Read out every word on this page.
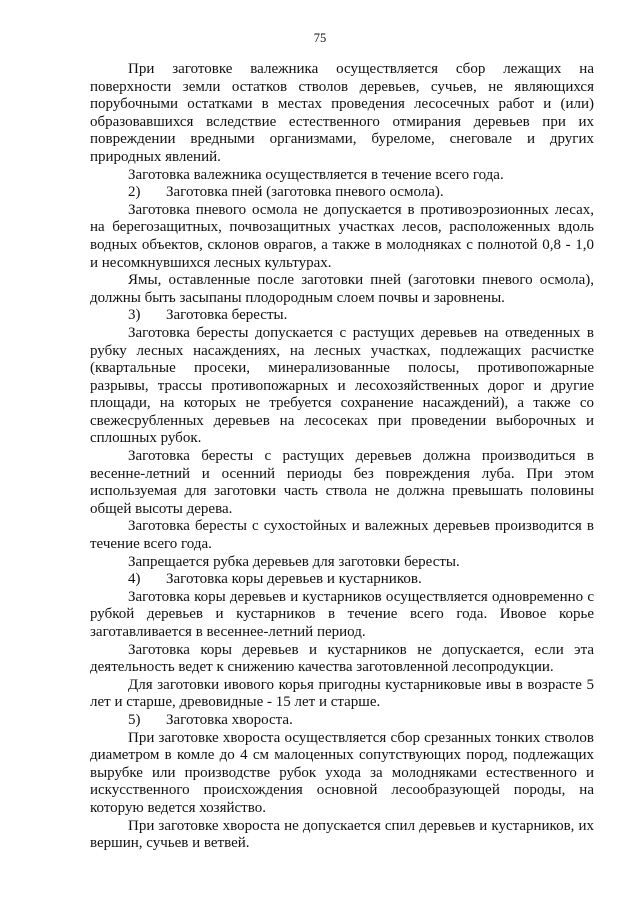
75

При заготовке валежника осуществляется сбор лежащих на поверхности земли остатков стволов деревьев, сучьев, не являющихся порубочными остатками в местах проведения лесосечных работ и (или) образовавшихся вследствие естественного отмирания деревьев при их повреждении вредными организмами, буреломе, снеговале и других природных явлений.

Заготовка валежника осуществляется в течение всего года.

2) Заготовка пней (заготовка пневого осмола).

Заготовка пневого осмола не допускается в противоэрозионных лесах, на берегозащитных, почвозащитных участках лесов, расположенных вдоль водных объектов, склонов оврагов, а также в молодняках с полнотой 0,8 - 1,0 и несомкнувшихся лесных культурах.

Ямы, оставленные после заготовки пней (заготовки пневого осмола), должны быть засыпаны плодородным слоем почвы и заровнены.

3) Заготовка бересты.

Заготовка бересты допускается с растущих деревьев на отведенных в рубку лесных насаждениях, на лесных участках, подлежащих расчистке (квартальные просеки, минерализованные полосы, противопожарные разрывы, трассы противопожарных и лесохозяйственных дорог и другие площади, на которых не требуется сохранение насаждений), а также со свежесрубленных деревьев на лесосеках при проведении выборочных и сплошных рубок.

Заготовка бересты с растущих деревьев должна производиться в весенне-летний и осенний периоды без повреждения луба. При этом используемая для заготовки часть ствола не должна превышать половины общей высоты дерева.

Заготовка бересты с сухостойных и валежных деревьев производится в течение всего года.

Запрещается рубка деревьев для заготовки бересты.

4) Заготовка коры деревьев и кустарников.

Заготовка коры деревьев и кустарников осуществляется одновременно с рубкой деревьев и кустарников в течение всего года. Ивовое корье заготавливается в весеннее-летний период.

Заготовка коры деревьев и кустарников не допускается, если эта деятельность ведет к снижению качества заготовленной лесопродукции.

Для заготовки ивового корья пригодны кустарниковые ивы в возрасте 5 лет и старше, древовидные - 15 лет и старше.

5) Заготовка хвороста.

При заготовке хвороста осуществляется сбор срезанных тонких стволов диаметром в комле до 4 см малоценных сопутствующих пород, подлежащих вырубке или производстве рубок ухода за молодняками естественного и искусственного происхождения основной лесообразующей породы, на которую ведется хозяйство.

При заготовке хвороста не допускается спил деревьев и кустарников, их вершин, сучьев и ветвей.
